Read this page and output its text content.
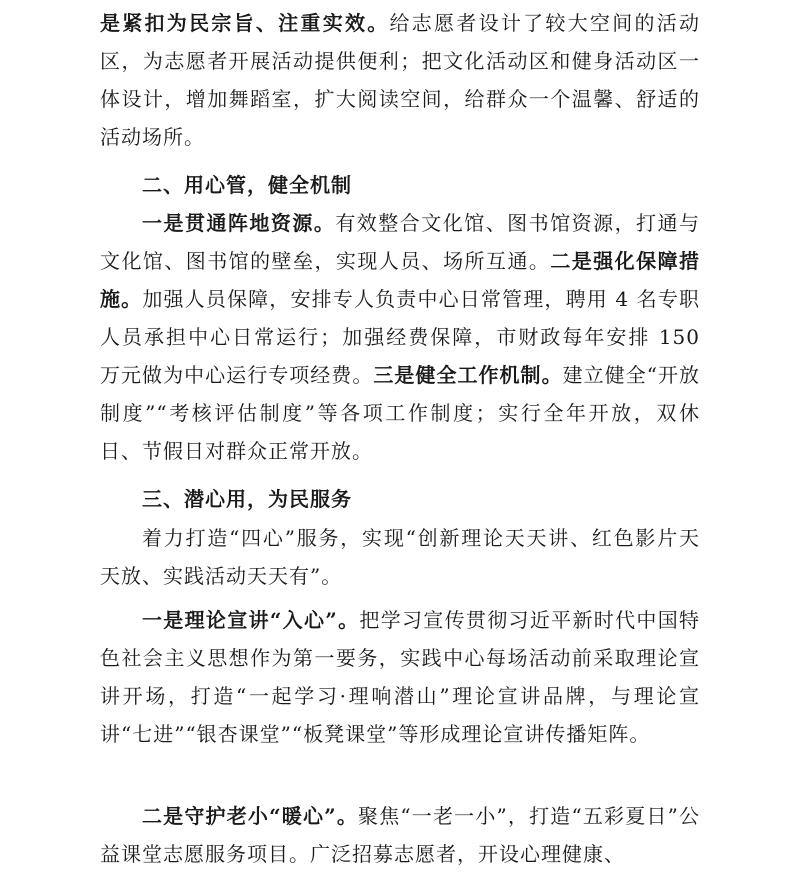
是紧扣为民宗旨、注重实效。给志愿者设计了较大空间的活动区，为志愿者开展活动提供便利；把文化活动区和健身活动区一体设计，增加舞蹈室，扩大阅读空间，给群众一个温馨、舒适的活动场所。

二、用心管，健全机制

一是贯通阵地资源。有效整合文化馆、图书馆资源，打通与文化馆、图书馆的壁垒，实现人员、场所互通。二是强化保障措施。加强人员保障，安排专人负责中心日常管理，聘用 4 名专职人员承担中心日常运行；加强经费保障，市财政每年安排 150 万元做为中心运行专项经费。三是健全工作机制。建立健全“开放制度”“考核评估制度”等各项工作制度；实行全年开放，双休日、节假日对群众正常开放。

三、潜心用，为民服务

着力打造“四心”服务，实现“创新理论天天讲、红色影片天天放、实践活动天天有”。

一是理论宣讲“入心”。把学习宣传贯彻习近平新时代中国特色社会主义思想作为第一要务，实践中心每场活动前采取理论宣讲开场，打造“一起学习·理响潜山”理论宣讲品牌，与理论宣讲“七进”“银杏课堂”“板凳课堂”等形成理论宣讲传播矩阵。

二是守护老小“暖心”。聚焦“一老一小”，打造“五彩夏日”公益课堂志愿服务项目。广泛招募志愿者，开设心理健康、
